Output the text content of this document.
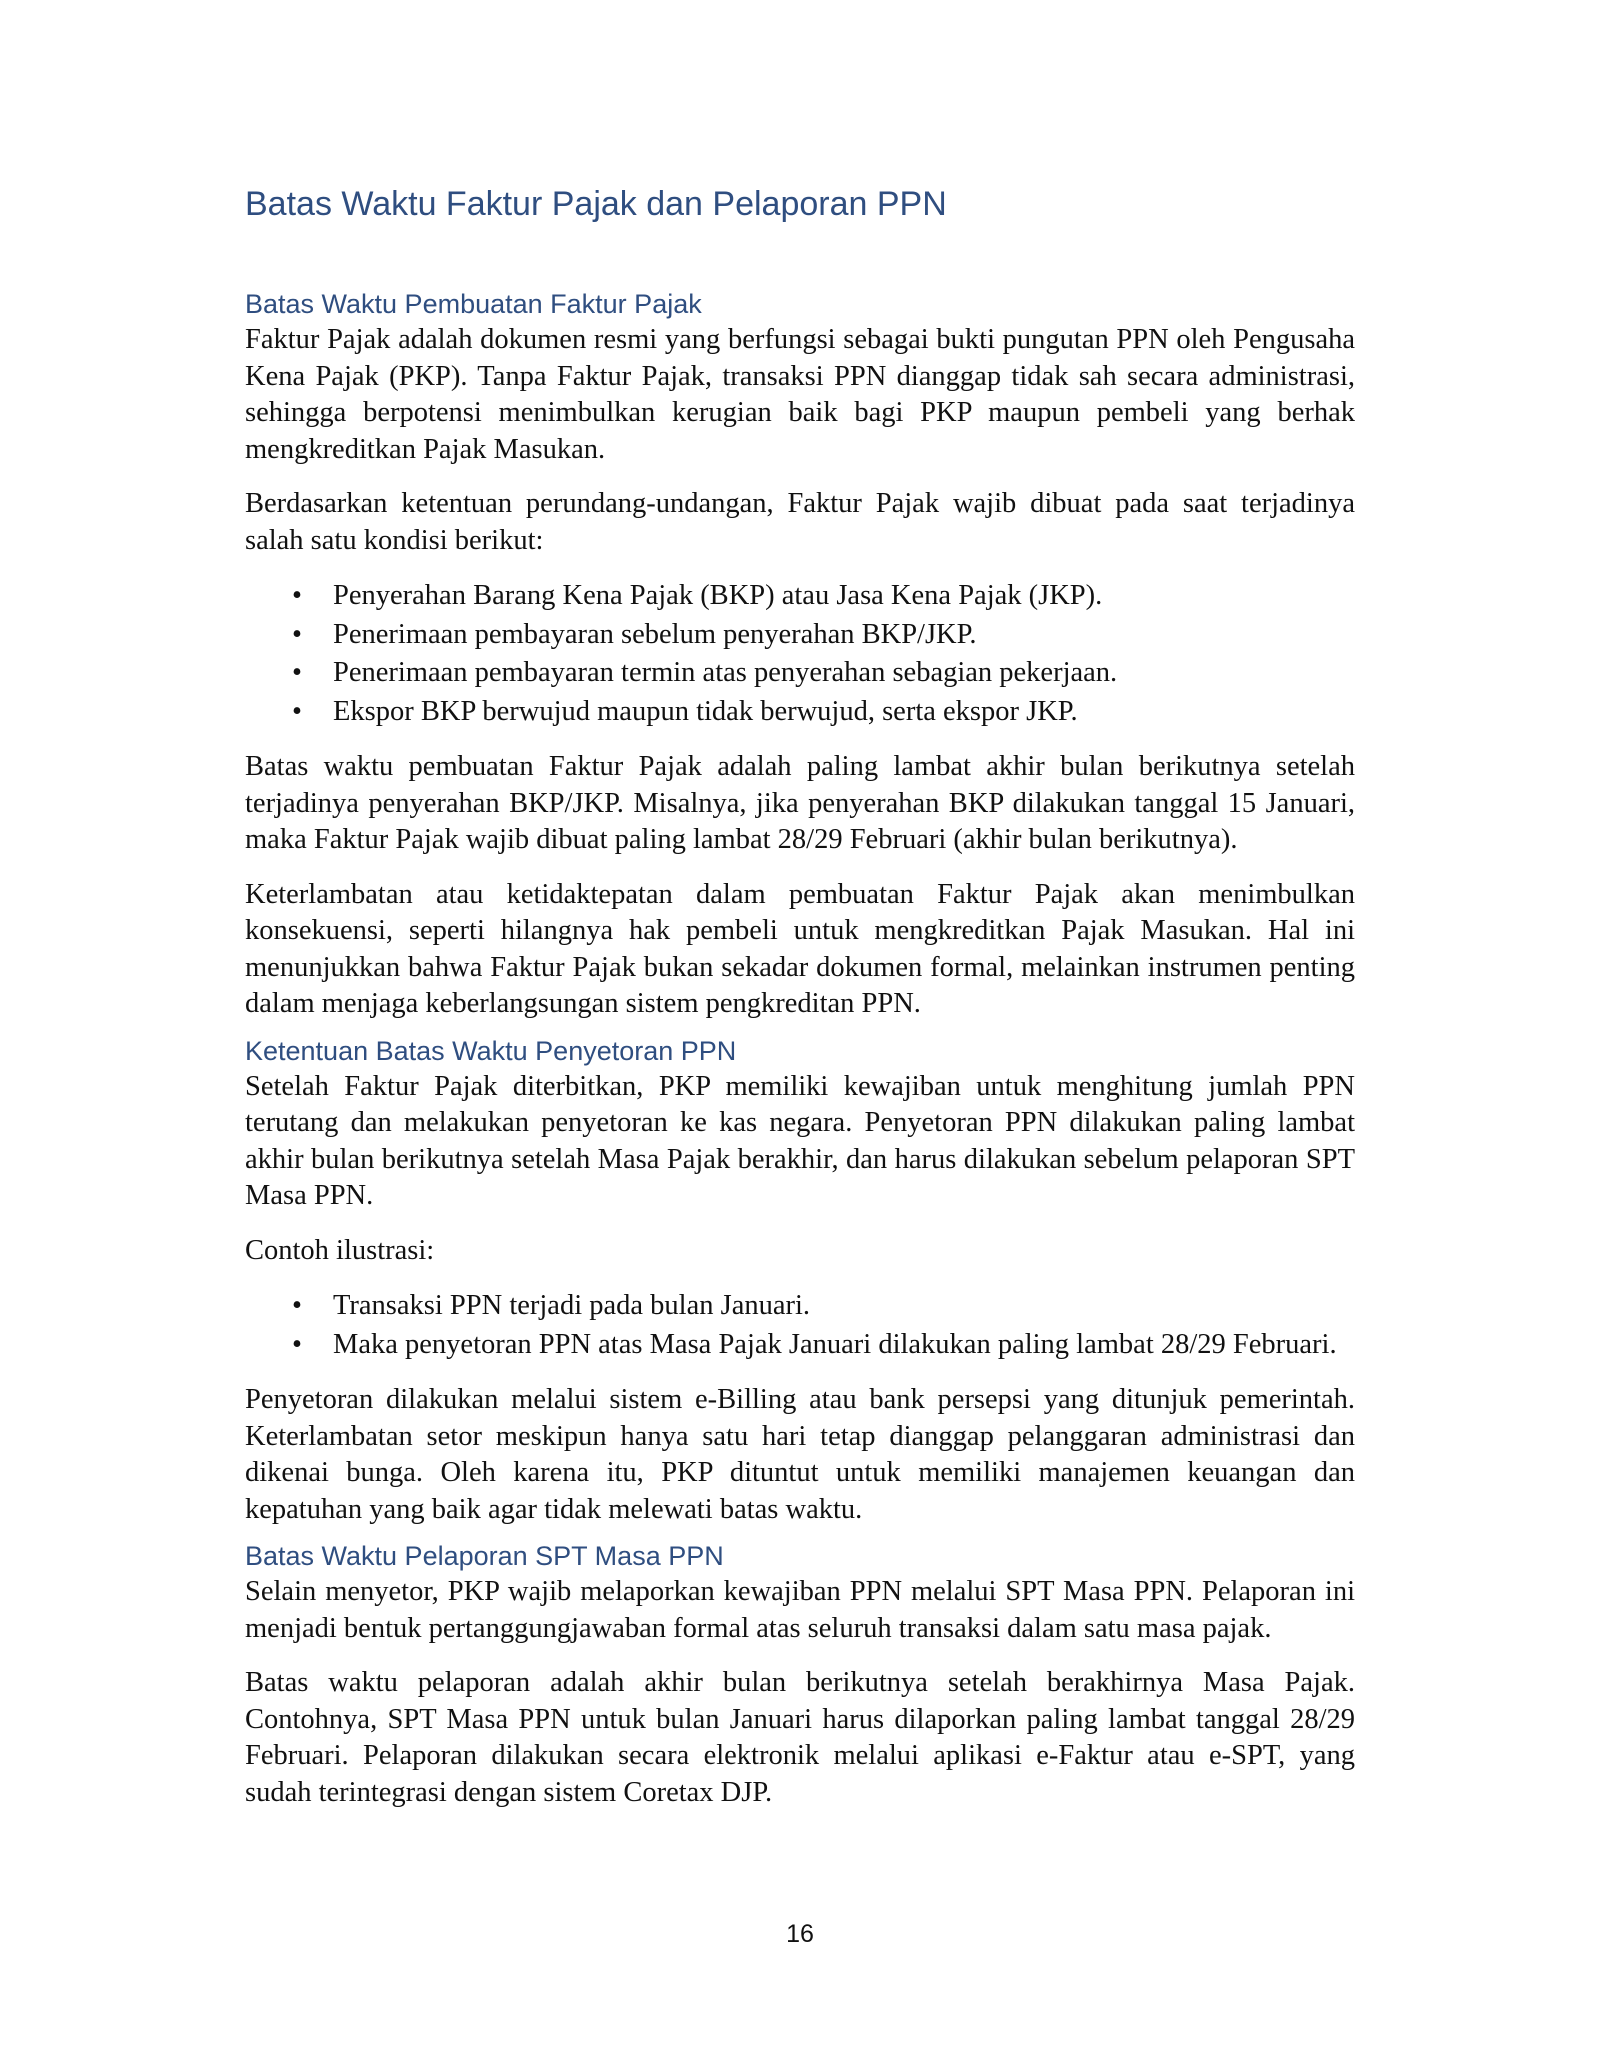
Batas Waktu Faktur Pajak dan Pelaporan PPN
Batas Waktu Pembuatan Faktur Pajak

Faktur Pajak adalah dokumen resmi yang berfungsi sebagai bukti pungutan PPN oleh Pengusaha Kena Pajak (PKP). Tanpa Faktur Pajak, transaksi PPN dianggap tidak sah secara administrasi, sehingga berpotensi menimbulkan kerugian baik bagi PKP maupun pembeli yang berhak mengkreditkan Pajak Masukan.

Berdasarkan ketentuan perundang-undangan, Faktur Pajak wajib dibuat pada saat terjadinya salah satu kondisi berikut:

• Penyerahan Barang Kena Pajak (BKP) atau Jasa Kena Pajak (JKP).
• Penerimaan pembayaran sebelum penyerahan BKP/JKP.
• Penerimaan pembayaran termin atas penyerahan sebagian pekerjaan.
• Ekspor BKP berwujud maupun tidak berwujud, serta ekspor JKP.

Batas waktu pembuatan Faktur Pajak adalah paling lambat akhir bulan berikutnya setelah terjadinya penyerahan BKP/JKP. Misalnya, jika penyerahan BKP dilakukan tanggal 15 Januari, maka Faktur Pajak wajib dibuat paling lambat 28/29 Februari (akhir bulan berikutnya).

Keterlambatan atau ketidaktepatan dalam pembuatan Faktur Pajak akan menimbulkan konsekuensi, seperti hilangnya hak pembeli untuk mengkreditkan Pajak Masukan. Hal ini menunjukkan bahwa Faktur Pajak bukan sekadar dokumen formal, melainkan instrumen penting dalam menjaga keberlangsungan sistem pengkreditan PPN.

Ketentuan Batas Waktu Penyetoran PPN

Setelah Faktur Pajak diterbitkan, PKP memiliki kewajiban untuk menghitung jumlah PPN terutang dan melakukan penyetoran ke kas negara. Penyetoran PPN dilakukan paling lambat akhir bulan berikutnya setelah Masa Pajak berakhir, dan harus dilakukan sebelum pelaporan SPT Masa PPN.

Contoh ilustrasi:

• Transaksi PPN terjadi pada bulan Januari.
• Maka penyetoran PPN atas Masa Pajak Januari dilakukan paling lambat 28/29 Februari.

Penyetoran dilakukan melalui sistem e-Billing atau bank persepsi yang ditunjuk pemerintah. Keterlambatan setor meskipun hanya satu hari tetap dianggap pelanggaran administrasi dan dikenai bunga. Oleh karena itu, PKP dituntut untuk memiliki manajemen keuangan dan kepatuhan yang baik agar tidak melewati batas waktu.

Batas Waktu Pelaporan SPT Masa PPN

Selain menyetor, PKP wajib melaporkan kewajiban PPN melalui SPT Masa PPN. Pelaporan ini menjadi bentuk pertanggungjawaban formal atas seluruh transaksi dalam satu masa pajak.

Batas waktu pelaporan adalah akhir bulan berikutnya setelah berakhirnya Masa Pajak. Contohnya, SPT Masa PPN untuk bulan Januari harus dilaporkan paling lambat tanggal 28/29 Februari. Pelaporan dilakukan secara elektronik melalui aplikasi e-Faktur atau e-SPT, yang sudah terintegrasi dengan sistem Coretax DJP.

16
